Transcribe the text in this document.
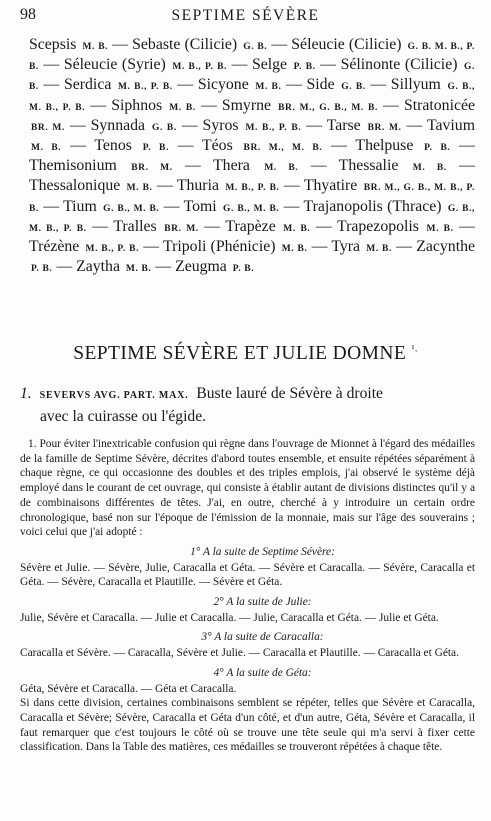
98	SEPTIME SÉVÈRE
Scepsis M. B. — Sebaste (Cilicie) G. B. — Séleucie (Cilicie) G. B. M. B., P. B. — Séleucie (Syrie) M. B., P. B. — Selge P. B. — Sélinonte (Cilicie) G. B. — Serdica M. B., P. B. — Sicyone M. B. — Side G. B. — Sillyum G. B., M. B., P. B. — Siphnos M. B. — Smyrne BR. M., G. B., M. B. — Stratonicée BR. M. — Synnada G. B. — Syros M. B., P. B. — Tarse BR. M. — Tavium M. B. — Tenos P. B. — Téos BR. M., M. B. — Thelpuse P. B. — Themisonium BR. M. — Thera M. B. — Thessalie M. B. — Thessalonique M. B. — Thuria M. B., P. B. — Thyatire BR. M., G. B., M. B., P. B. — Tium G. B., M. B. — Tomi G. B., M. B. — Trajanopolis (Thrace) G. B., M. B., P. B. — Tralles BR. M. — Trapèze M. B. — Trapezopolis M. B. — Trézène M. B., P. B. — Tripoli (Phénicie) M. B. — Tyra M. B. — Zacynthe P. B. — Zaytha M. B. — Zeugma P. B.
SEPTIME SÉVÈRE ET JULIE DOMNE $^{^1.}$
1. SEVERVS AVG. PART. MAX. Buste lauré de Sévère à droite
avec la cuirasse ou l'égide.

1. Pour éviter l'inextricable confusion qui règne dans l'ouvrage de Mionnet à l'égard des médailles de la famille de Septime Sévère, décrites d'abord toutes ensemble, et ensuite répétées séparément à chaque règne, ce qui occasionne des doubles et des triples emplois, j'ai observé le système déjà employé dans le courant de cet ouvrage, qui consiste à établir autant de divisions distinctes qu'il y a de combinaisons différentes de têtes. J'ai, en outre, cherché à y introduire un certain ordre chronologique, basé non sur l'époque de l'émission de la monnaie, mais sur l'âge des souverains ; voici celui que j'ai adopté :

1° A la suite de Septime Sévère:

Sévère et Julie. — Sévère, Julie, Caracalla et Géta. — Sévère et Caracalla. — Sévère, Caracalla et Géta. — Sévère, Caracalla et Plautille. — Sévère et Géta.

2° A la suite de Julie:

Julie, Sévère et Caracalla. — Julie et Caracalla. — Julie, Caracalla et Géta. — Julie et Géta.

3° A la suite de Caracalla:

Caracalla et Sévère. — Caracalla, Sévère et Julie. — Caracalla et Plautille. — Caracalla et Géta.

4° A la suite de Géta:

Géta, Sévère et Caracalla. — Géta et Caracalla.

Si dans cette division, certaines combinaisons semblent se répéter, telles que Sévère et Caracalla, Caracalla et Sévère; Sévère, Caracalla et Géta d'un côté, et d'un autre, Géta, Sévère et Caracalla, il faut remarquer que c'est toujours le côté où se trouve une tête seule qui m'a servi à fixer cette classification. Dans la Table des matières, ces médailles se trouveront répétées à chaque tête.
